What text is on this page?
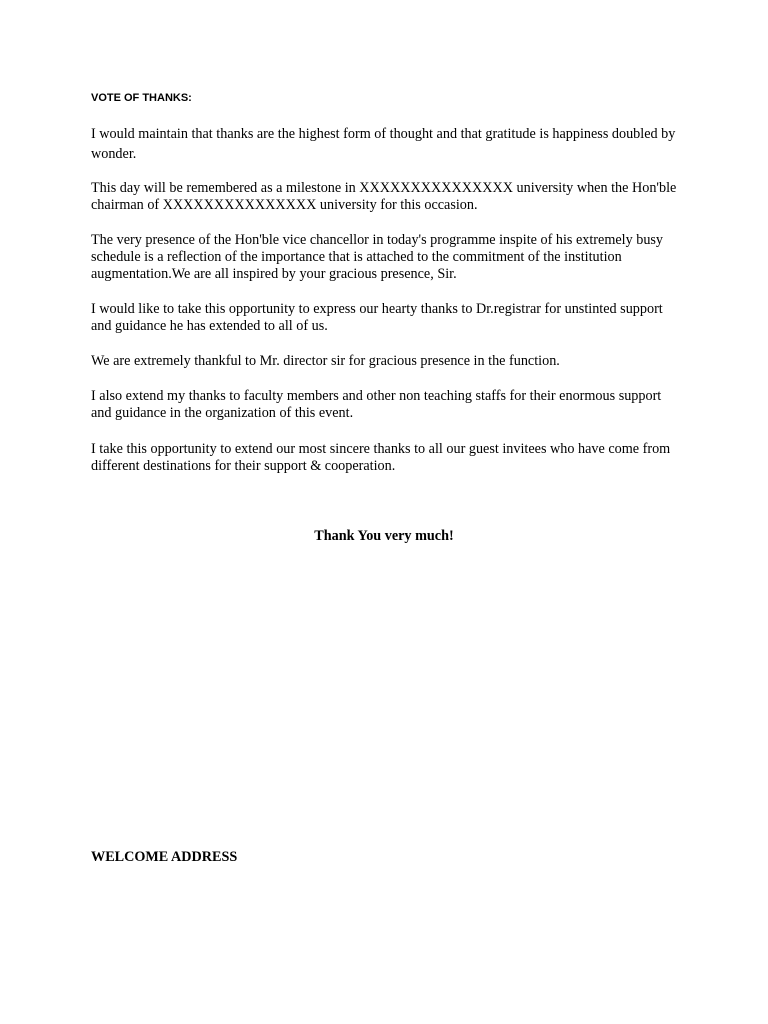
VOTE OF THANKS:

I would maintain that thanks are the highest form of thought and that gratitude is happiness doubled by wonder.

This day will be remembered as a milestone in XXXXXXXXXXXXXXX university when the Hon'ble chairman of XXXXXXXXXXXXXXX university for this occasion.

The very presence of the Hon'ble vice chancellor in today's programme inspite of his extremely busy schedule is a reflection of the importance that is attached to the commitment of the institution augmentation.We are all inspired by your gracious presence, Sir.

I would like to take this opportunity to express our hearty thanks to Dr.registrar for unstinted support and guidance he has extended to all of us.

We are extremely thankful to Mr. director sir for gracious presence in the function.

I also extend my thanks to faculty members and other non teaching staffs for their enormous support and guidance in the organization of this event.

I take this opportunity to extend our most sincere thanks to all our guest invitees who have come from different destinations for their support & cooperation.

Thank You very much!

WELCOME ADDRESS
